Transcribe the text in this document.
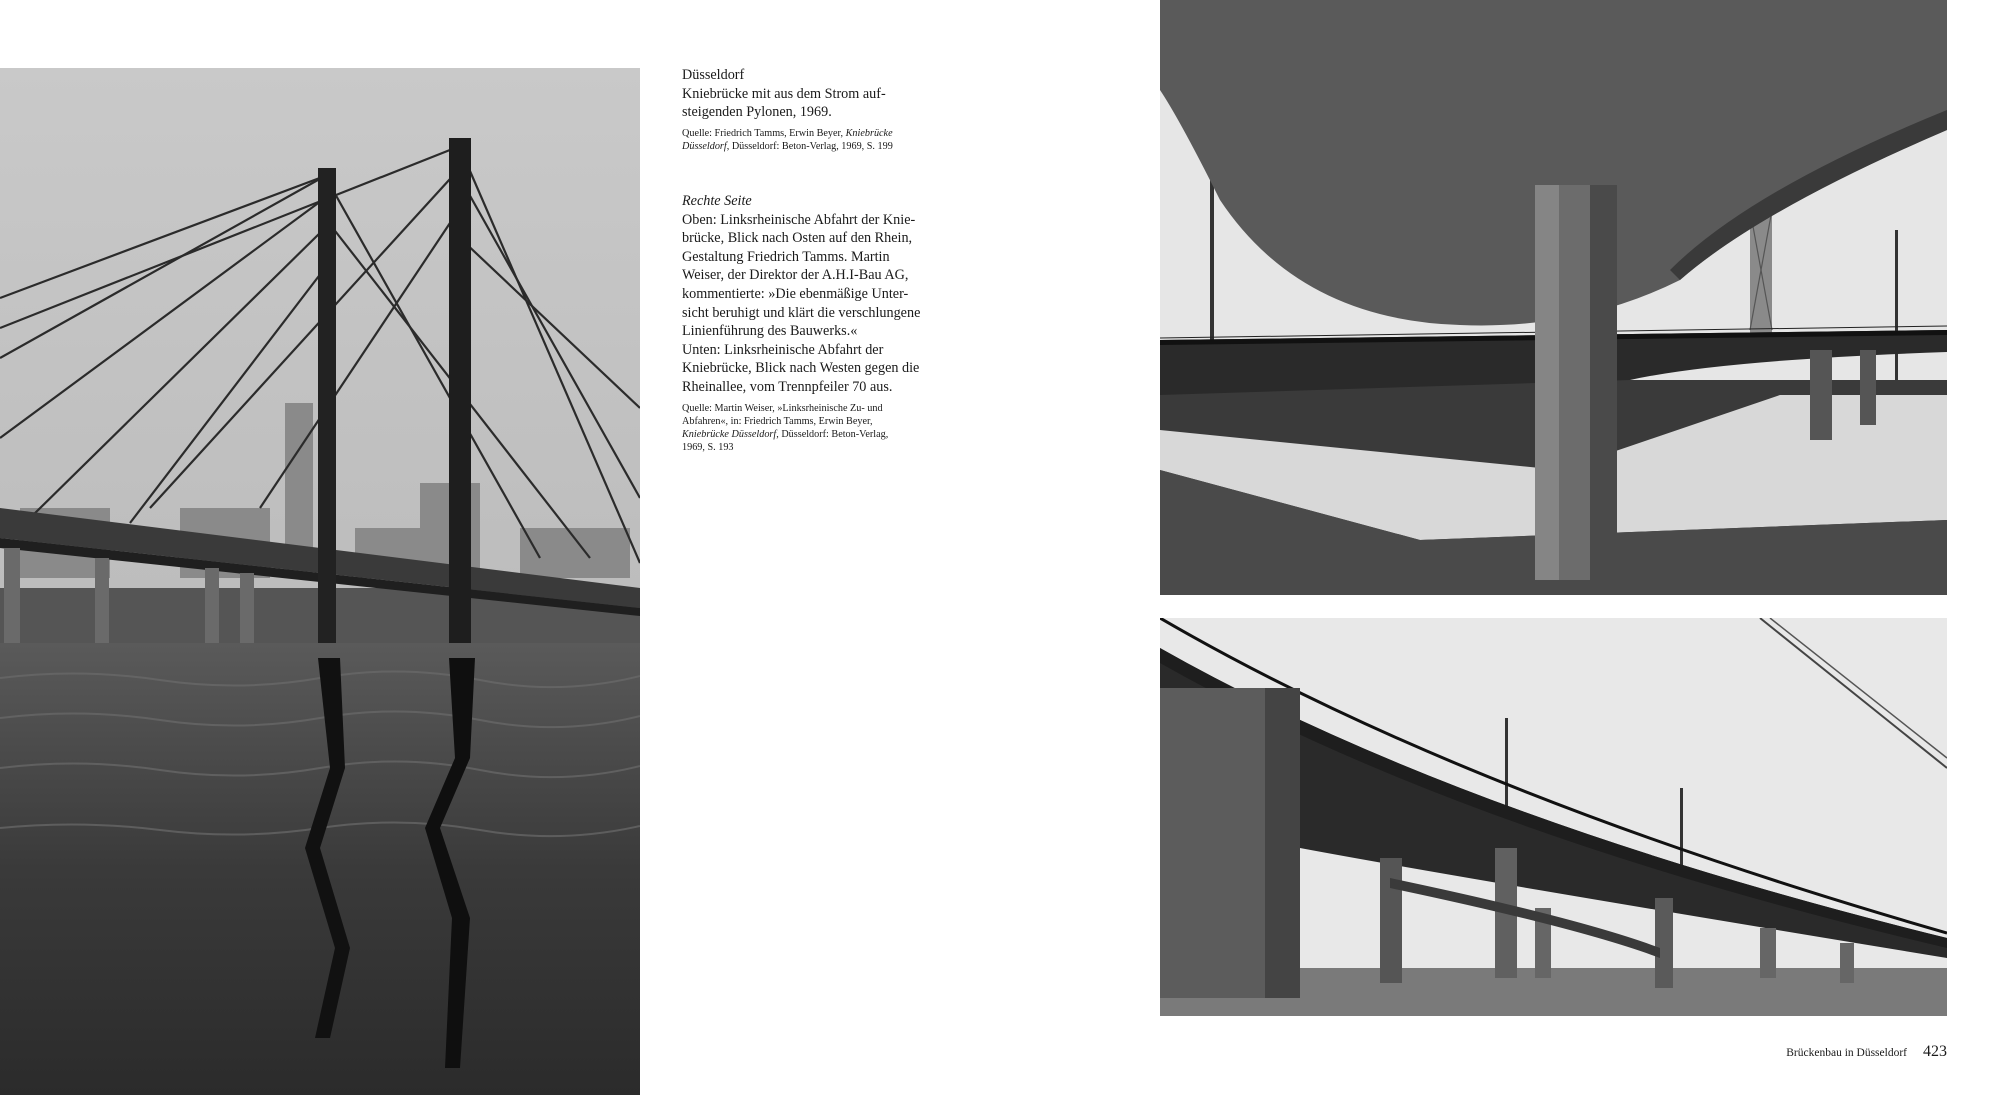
Düsseldorf

Kniebrücke mit aus dem Strom auf-

steigenden Pylonen, 1969.

Quelle: Friedrich Tamms, Erwin Beyer, Kniebrücke
Düsseldorf, Düsseldorf: Beton-Verlag, 1969, S. 199

Rechte Seite

Oben: Linksrheinische Abfahrt der Knie-

brücke, Blick nach Osten auf den Rhein,

Gestaltung Friedrich Tamms. Martin

Weiser, der Direktor der A.H.I-Bau AG,

kommentierte: »Die ebenmäßige Unter-

sicht beruhigt und klärt die verschlungene

Linienführung des Bauwerks.«

Unten: Linksrheinische Abfahrt der

Kniebrücke, Blick nach Westen gegen die

Rheinallee, vom Trennpfeiler 70 aus.

Quelle: Martin Weiser, »Linksrheinische Zu- und
Abfahren«, in: Friedrich Tamms, Erwin Beyer,
Kniebrücke Düsseldorf, Düsseldorf: Beton-Verlag,
1969, S. 193

Brückenbau in Düsseldorf 423
